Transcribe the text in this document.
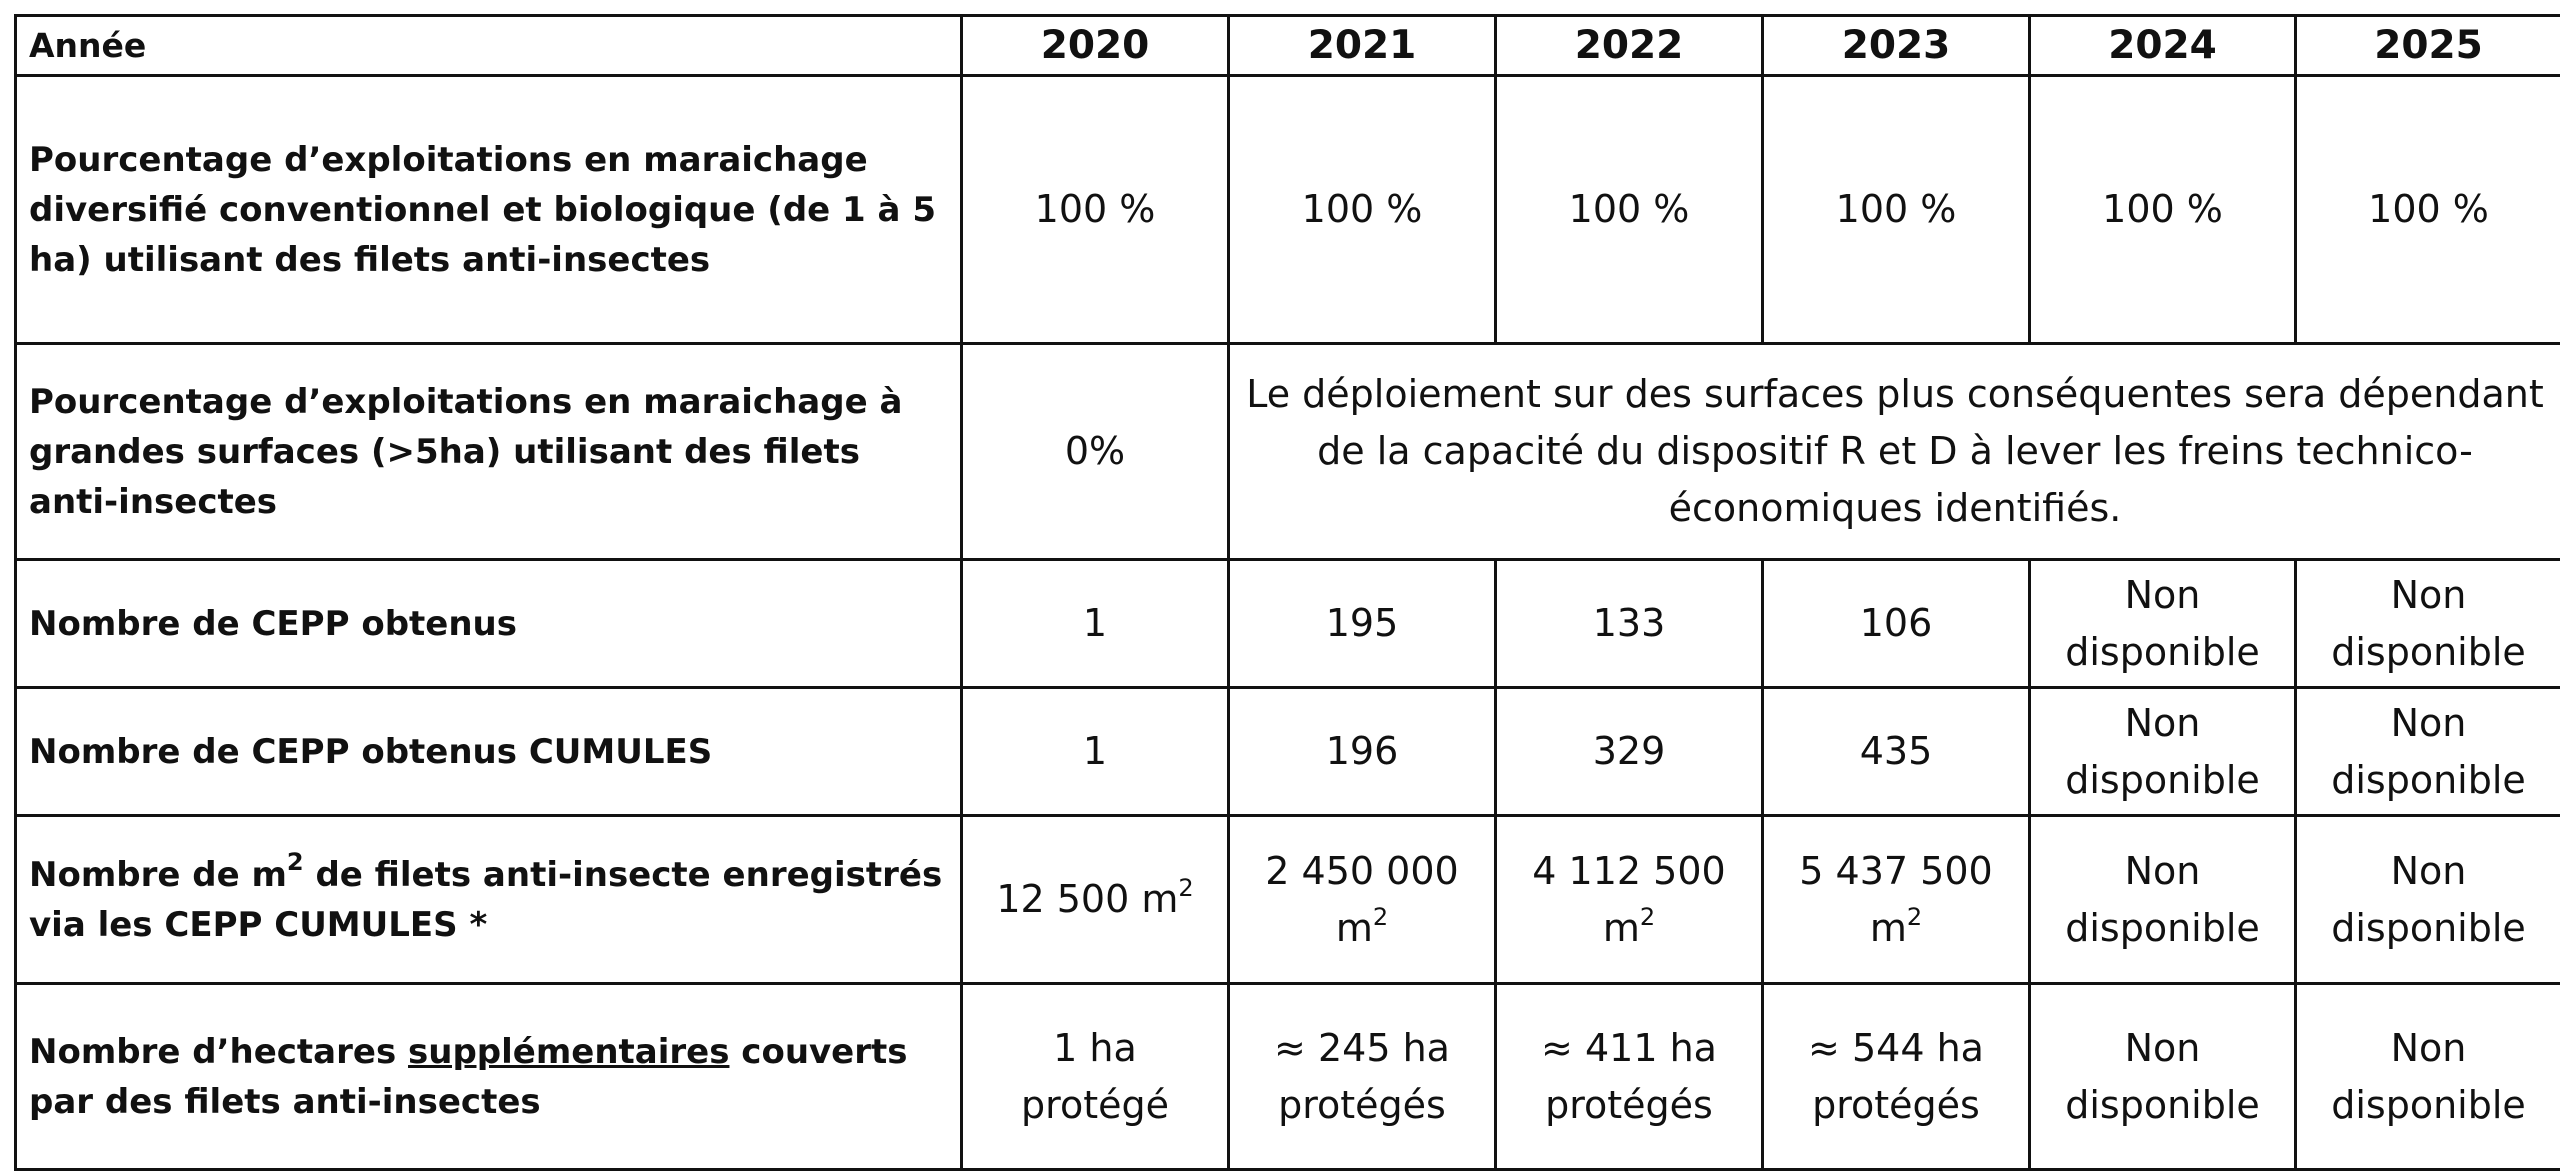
Année	2020	2021	2022	2023	2024	2025
Pourcentage d’exploitations en maraichage diversifié conventionnel et biologique (de 1 à 5 ha) utilisant des filets anti-insectes	100 %	100 %	100 %	100 %	100 %	100 %
Pourcentage d’exploitations en maraichage à grandes surfaces (>5ha) utilisant des filets anti-insectes	0%	Le déploiement sur des surfaces plus conséquentes sera dépendant de la capacité du dispositif R et D à lever les freins technico-économiques identifiés.				
Nombre de CEPP obtenus	1	195	133	106	Non disponible	Non disponible
Nombre de CEPP obtenus CUMULES	1	196	329	435	Non disponible	Non disponible
Nombre de $m^2$ de filets anti-insecte enregistrés via les CEPP CUMULES *	12 500 $m^2$	2 450 000 $m^2$	4 112 500 $m^2$	5 437 500 $m^2$	Non disponible	Non disponible
Nombre d’hectares supplémentaires couverts par des filets anti-insectes	1 ha protégé	≈ 245 ha protégés	≈ 411 ha protégés	≈ 544 ha protégés	Non disponible	Non disponible
